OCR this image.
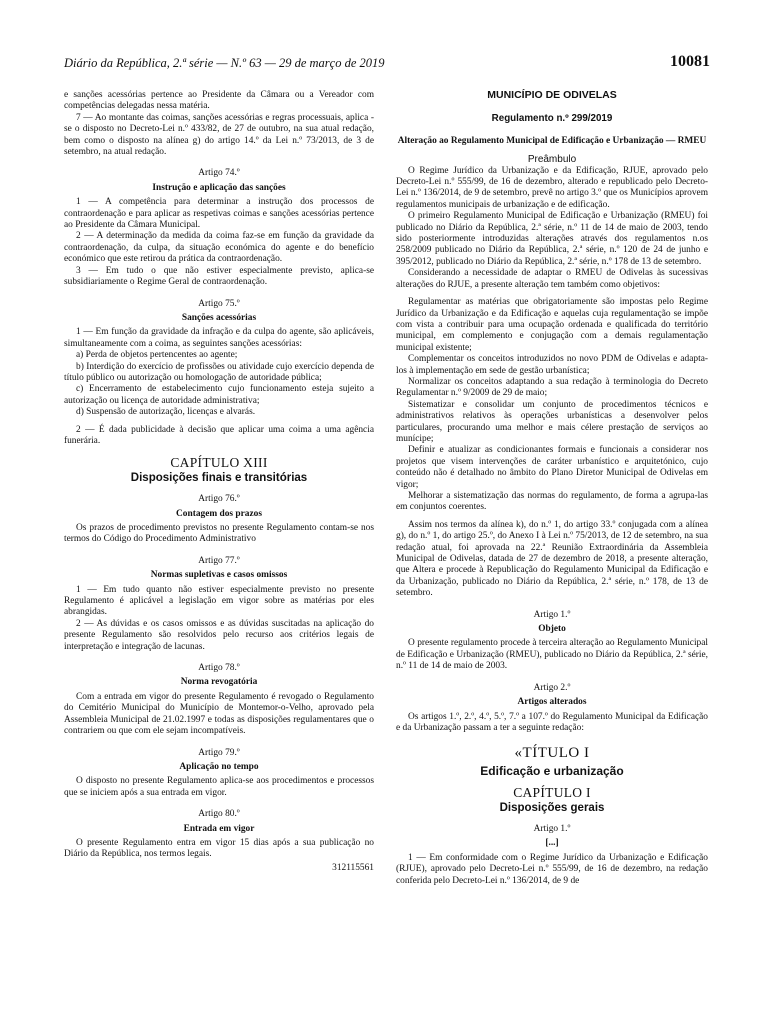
Diário da República, 2.ª série — N.º 63 — 29 de março de 2019	10081

e sanções acessórias pertence ao Presidente da Câmara ou a Vereador com competências delegadas nessa matéria.

7 — Ao montante das coimas, sanções acessórias e regras processuais, aplica -se o disposto no Decreto-Lei n.º 433/82, de 27 de outubro, na sua atual redação, bem como o disposto na alínea g) do artigo 14.º da Lei n.º 73/2013, de 3 de setembro, na atual redação.

Artigo 74.º
Instrução e aplicação das sanções

1 — A competência para determinar a instrução dos processos de contraordenação e para aplicar as respetivas coimas e sanções acessórias pertence ao Presidente da Câmara Municipal.

2 — A determinação da medida da coima faz-se em função da gravidade da contraordenação, da culpa, da situação económica do agente e do benefício económico que este retirou da prática da contraordenação.

3 — Em tudo o que não estiver especialmente previsto, aplica-se subsidiariamente o Regime Geral de contraordenação.

Artigo 75.º
Sanções acessórias

1 — Em função da gravidade da infração e da culpa do agente, são aplicáveis, simultaneamente com a coima, as seguintes sanções acessórias:

a) Perda de objetos pertencentes ao agente;

b) Interdição do exercício de profissões ou atividade cujo exercício dependa de título público ou autorização ou homologação de autoridade pública;

c) Encerramento de estabelecimento cujo funcionamento esteja sujeito a autorização ou licença de autoridade administrativa;

d) Suspensão de autorização, licenças e alvarás.

2 — É dada publicidade à decisão que aplicar uma coima a uma agência funerária.

CAPÍTULO XIII
Disposições finais e transitórias
Artigo 76.º
Contagem dos prazos

Os prazos de procedimento previstos no presente Regulamento contam-se nos termos do Código do Procedimento Administrativo

Artigo 77.º
Normas supletivas e casos omissos

1 — Em tudo quanto não estiver especialmente previsto no presente Regulamento é aplicável a legislação em vigor sobre as matérias por eles abrangidas.

2 — As dúvidas e os casos omissos e as dúvidas suscitadas na aplicação do presente Regulamento são resolvidos pelo recurso aos critérios legais de interpretação e integração de lacunas.

Artigo 78.º
Norma revogatória

Com a entrada em vigor do presente Regulamento é revogado o Regulamento do Cemitério Municipal do Município de Montemor-o-Velho, aprovado pela Assembleia Municipal de 21.02.1997 e todas as disposições regulamentares que o contrariem ou que com ele sejam incompatíveis.

Artigo 79.º
Aplicação no tempo

O disposto no presente Regulamento aplica-se aos procedimentos e processos que se iniciem após a sua entrada em vigor.

Artigo 80.º
Entrada em vigor

O presente Regulamento entra em vigor 15 dias após a sua publicação no Diário da República, nos termos legais.

312115561
MUNICÍPIO DE ODIVELAS
Regulamento n.º 299/2019
Alteração ao Regulamento Municipal de Edificação e Urbanização — RMEU
Preâmbulo

O Regime Jurídico da Urbanização e da Edificação, RJUE, aprovado pelo Decreto-Lei n.º 555/99, de 16 de dezembro, alterado e republicado pelo Decreto-Lei n.º 136/2014, de 9 de setembro, prevê no artigo 3.º que os Municípios aprovem regulamentos municipais de urbanização e de edificação.

O primeiro Regulamento Municipal de Edificação e Urbanização (RMEU) foi publicado no Diário da República, 2.ª série, n.º 11 de 14 de maio de 2003, tendo sido posteriormente introduzidas alterações através dos regulamentos n.os 258/2009 publicado no Diário da República, 2.ª série, n.º 120 de 24 de junho e 395/2012, publicado no Diário da República, 2.ª série, n.º 178 de 13 de setembro.

Considerando a necessidade de adaptar o RMEU de Odivelas às sucessivas alterações do RJUE, a presente alteração tem também como objetivos:

Regulamentar as matérias que obrigatoriamente são impostas pelo Regime Jurídico da Urbanização e da Edificação e aquelas cuja regulamentação se impõe com vista a contribuir para uma ocupação ordenada e qualificada do território municipal, em complemento e conjugação com a demais regulamentação municipal existente;

Complementar os conceitos introduzidos no novo PDM de Odivelas e adapta-los à implementação em sede de gestão urbanística;

Normalizar os conceitos adaptando a sua redação à terminologia do Decreto Regulamentar n.º 9/2009 de 29 de maio;

Sistematizar e consolidar um conjunto de procedimentos técnicos e administrativos relativos às operações urbanísticas a desenvolver pelos particulares, procurando uma melhor e mais célere prestação de serviços ao munícipe;

Definir e atualizar as condicionantes formais e funcionais a considerar nos projetos que visem intervenções de caráter urbanístico e arquitetónico, cujo conteúdo não é detalhado no âmbito do Plano Diretor Municipal de Odivelas em vigor;

Melhorar a sistematização das normas do regulamento, de forma a agrupa-las em conjuntos coerentes.

Assim nos termos da alínea k), do n.º 1, do artigo 33.º conjugada com a alínea g), do n.º 1, do artigo 25.º, do Anexo I à Lei n.º 75/2013, de 12 de setembro, na sua redação atual, foi aprovada na 22.ª Reunião Extraordinária da Assembleia Municipal de Odivelas, datada de 27 de dezembro de 2018, a presente alteração, que Altera e procede à Republicação do Regulamento Municipal da Edificação e da Urbanização, publicado no Diário da República, 2.ª série, n.º 178, de 13 de setembro.

Artigo 1.º
Objeto

O presente regulamento procede à terceira alteração ao Regulamento Municipal de Edificação e Urbanização (RMEU), publicado no Diário da República, 2.ª série, n.º 11 de 14 de maio de 2003.

Artigo 2.º
Artigos alterados

Os artigos 1.º, 2.º, 4.º, 5.º, 7.º a 107.º do Regulamento Municipal da Edificação e da Urbanização passam a ter a seguinte redação:

«TÍTULO I
Edificação e urbanização
CAPÍTULO I
Disposições gerais
Artigo 1.º
[...]

1 — Em conformidade com o Regime Jurídico da Urbanização e Edificação (RJUE), aprovado pelo Decreto-Lei n.º 555/99, de 16 de dezembro, na redação conferida pelo Decreto-Lei n.º 136/2014, de 9 de
